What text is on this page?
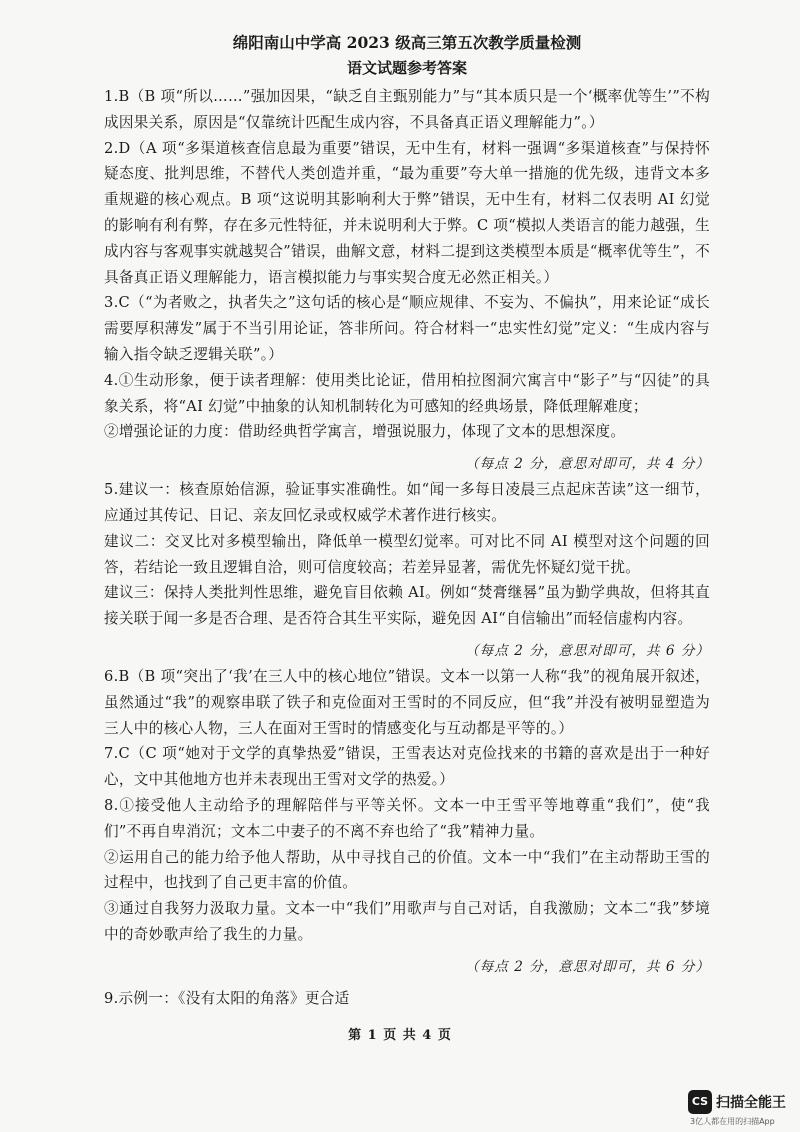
绵阳南山中学高 2023 级高三第五次教学质量检测

语文试题参考答案

1.B（B 项“所以……”强加因果，“缺乏自主甄别能力”与“其本质只是一个‘概率优等生’”不构成因果关系，原因是“仅靠统计匹配生成内容，不具备真正语义理解能力”。）

2.D（A 项“多渠道核查信息最为重要”错误，无中生有，材料一强调“多渠道核查”与保持怀疑态度、批判思维，不替代人类创造并重，“最为重要”夸大单一措施的优先级，违背文本多重规避的核心观点。B 项“这说明其影响利大于弊”错误，无中生有，材料二仅表明 AI 幻觉的影响有利有弊，存在多元性特征，并未说明利大于弊。C 项“模拟人类语言的能力越强，生成内容与客观事实就越契合”错误，曲解文意，材料二提到这类模型本质是“概率优等生”，不具备真正语义理解能力，语言模拟能力与事实契合度无必然正相关。）

3.C（“为者败之，执者失之”这句话的核心是“顺应规律、不妄为、不偏执”，用来论证“成长需要厚积薄发”属于不当引用论证，答非所问。符合材料一“忠实性幻觉”定义：“生成内容与输入指令缺乏逻辑关联”。）

4.①生动形象，便于读者理解：使用类比论证，借用柏拉图洞穴寓言中“影子”与“囚徒”的具象关系，将“AI 幻觉”中抽象的认知机制转化为可感知的经典场景，降低理解难度；

②增强论证的力度：借助经典哲学寓言，增强说服力，体现了文本的思想深度。

（每点 2 分，意思对即可，共 4 分）

5.建议一：核查原始信源，验证事实准确性。如“闻一多每日凌晨三点起床苦读”这一细节，应通过其传记、日记、亲友回忆录或权威学术著作进行核实。

建议二：交叉比对多模型输出，降低单一模型幻觉率。可对比不同 AI 模型对这个问题的回答，若结论一致且逻辑自洽，则可信度较高；若差异显著，需优先怀疑幻觉干扰。

建议三：保持人类批判性思维，避免盲目依赖 AI。例如“焚膏继晷”虽为勤学典故，但将其直接关联于闻一多是否合理、是否符合其生平实际，避免因 AI“自信输出”而轻信虚构内容。

（每点 2 分，意思对即可，共 6 分）

6.B（B 项“突出了‘我’在三人中的核心地位”错误。文本一以第一人称“我”的视角展开叙述，虽然通过“我”的观察串联了铁子和克俭面对王雪时的不同反应，但“我”并没有被明显塑造为三人中的核心人物，三人在面对王雪时的情感变化与互动都是平等的。）

7.C（C 项“她对于文学的真挚热爱”错误，王雪表达对克俭找来的书籍的喜欢是出于一种好心，文中其他地方也并未表现出王雪对文学的热爱。）

8.①接受他人主动给予的理解陪伴与平等关怀。文本一中王雪平等地尊重“我们”，使“我们”不再自卑消沉；文本二中妻子的不离不弃也给了“我”精神力量。

②运用自己的能力给予他人帮助，从中寻找自己的价值。文本一中“我们”在主动帮助王雪的过程中，也找到了自己更丰富的价值。

③通过自我努力汲取力量。文本一中“我们”用歌声与自己对话，自我激励；文本二“我”梦境中的奇妙歌声给了我生的力量。

（每点 2 分，意思对即可，共 6 分）

9.示例一：《没有太阳的角落》更合适

第 1 页 共 4 页
CS 扫描全能王
3亿人都在用的扫描App
